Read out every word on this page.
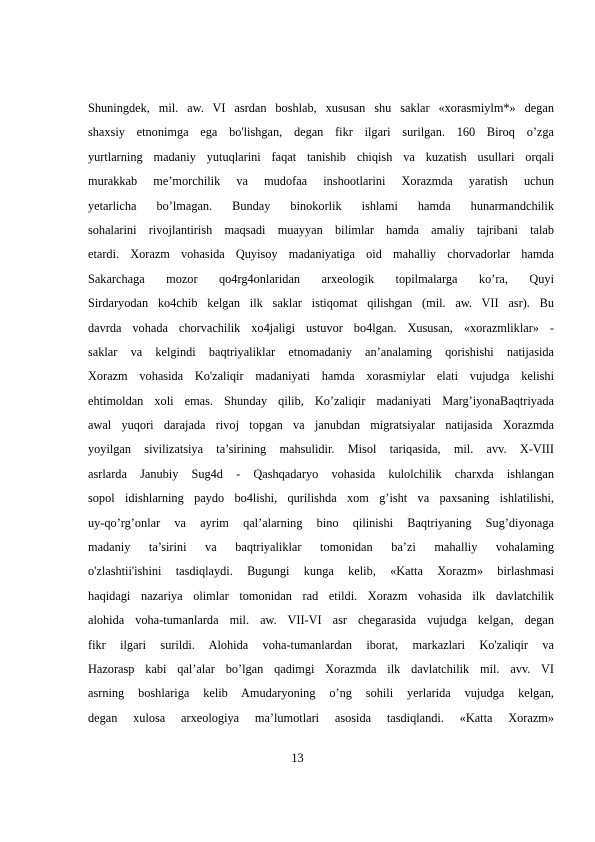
Shuningdek, mil. aw. VI asrdan boshlab, xususan shu saklar «xorasmiylm*» degan
shaxsiy etnonimga ega bo'lishgan, degan fikr ilgari surilgan. 160 Biroq o’zga
yurtlarning madaniy yutuqlarini faqat tanishib chiqish va kuzatish usullari orqali
murakkab me’morchilik va mudofaa inshootlarini Xorazmda yaratish uchun
yetarlicha bo’lmagan. Bunday binokorlik ishlami hamda hunarmandchilik
sohalarini rivojlantirish maqsadi muayyan bilimlar hamda amaliy tajribani talab
etardi. Xorazm vohasida Quyisoy madaniyatiga oid mahalliy chorvadorlar hamda
Sakarchaga mozor qo4rg4onlaridan arxeologik topilmalarga ko’ra, Quyi
Sirdaryodan ko4chib kelgan ilk saklar istiqomat qilishgan (mil. aw. VII asr). Bu
davrda vohada chorvachilik xo4jaligi ustuvor bo4lgan. Xususan, «xorazmliklar» -
saklar va kelgindi baqtriyaliklar etnomadaniy an’analaming qorishishi natijasida
Xorazm vohasida Ko'zaliqir madaniyati hamda xorasmiylar elati vujudga kelishi
ehtimoldan xoli emas. Shunday qilib, Ko’zaliqir madaniyati Marg’iyonaBaqtriyada
awal yuqori darajada rivoj topgan va janubdan migratsiyalar natijasida Xorazmda
yoyilgan sivilizatsiya ta’sirining mahsulidir. Misol tariqasida, mil. avv. X-VIII
asrlarda Janubiy Sug4d - Qashqadaryo vohasida kulolchilik charxda ishlangan
sopol idishlarning paydo bo4lishi, qurilishda xom g’isht va paxsaning ishlatilishi,
uy-qo’rg’onlar va ayrim qal’alarning bino qilinishi Baqtriyaning Sug’diyonaga
madaniy ta’sirini va baqtriyaliklar tomonidan ba’zi mahalliy vohalaming
o'zlashtii'ishini tasdiqlaydi. Bugungi kunga kelib, «Katta Xorazm» birlashmasi
haqidagi nazariya olimlar tomonidan rad etildi. Xorazm vohasida ilk davlatchilik
alohida voha-tumanlarda mil. aw. VII-VI asr chegarasida vujudga kelgan, degan
fikr ilgari surildi. Alohida voha-tumanlardan iborat, markazlari Ko'zaliqir va
Hazorasp kabi qal’alar bo’lgan qadimgi Xorazmda ilk davlatchilik mil. avv. VI
asrning boshlariga kelib Amudaryoning o’ng sohili yerlarida vujudga kelgan,
degan xulosa arxeologiya ma’lumotlari asosida tasdiqlandi. «Katta Xorazm»
13
